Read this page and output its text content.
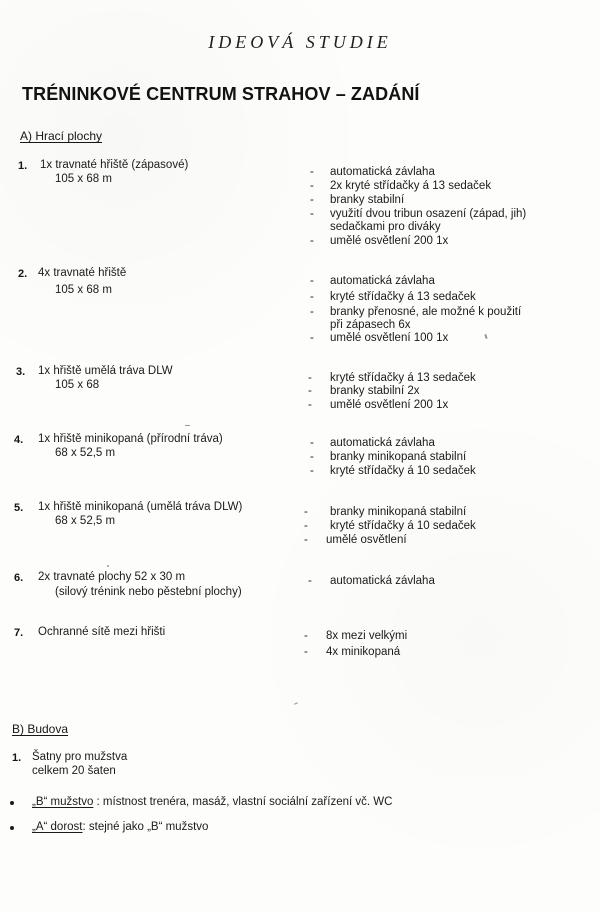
IDEOVÁ STUDIE
TRÉNINKOVÉ CENTRUM STRAHOV – ZADÁNÍ
A) Hrací plochy
1. 1x travnaté hřiště (zápasové)
105 x 68 m
- automatická závlaha
- 2x kryté střídačky á 13 sedaček
- branky stabilní
- využití dvou tribun osazení (západ, jih)
sedačkami pro diváky
- umělé osvětlení 200 1x
2. 4x travnaté hřiště
105 x 68 m
- automatická závlaha
- kryté střídačky á 13 sedaček
- branky přenosné, ale možné k použití
při zápasech 6x
- umělé osvětlení 100 1x
3. 1x hřiště umělá tráva DLW
105 x 68
- kryté střídačky á 13 sedaček
- branky stabilní 2x
- umělé osvětlení 200 1x
4. 1x hřiště minikopaná (přírodní tráva)
68 x 52,5 m
- automatická závlaha
- branky minikopaná stabilní
- kryté střídačky á 10 sedaček
5. 1x hřiště minikopaná (umělá tráva DLW)
68 x 52,5 m
- branky minikopaná stabilní
- kryté střídačky á 10 sedaček
- umělé osvětlení
6. 2x travnaté plochy 52 x 30 m
(silový trénink nebo pěstební plochy)
- automatická závlaha
7. Ochranné sítě mezi hřišti	- 8x mezi velkými
- 4x minikopaná
B) Budova
1. Šatny pro mužstva
celkem 20 šaten
„B“ mužstvo : místnost trenéra, masáž, vlastní sociální zařízení vč. WC
„A“ dorost: stejné jako „B“ mužstvo
